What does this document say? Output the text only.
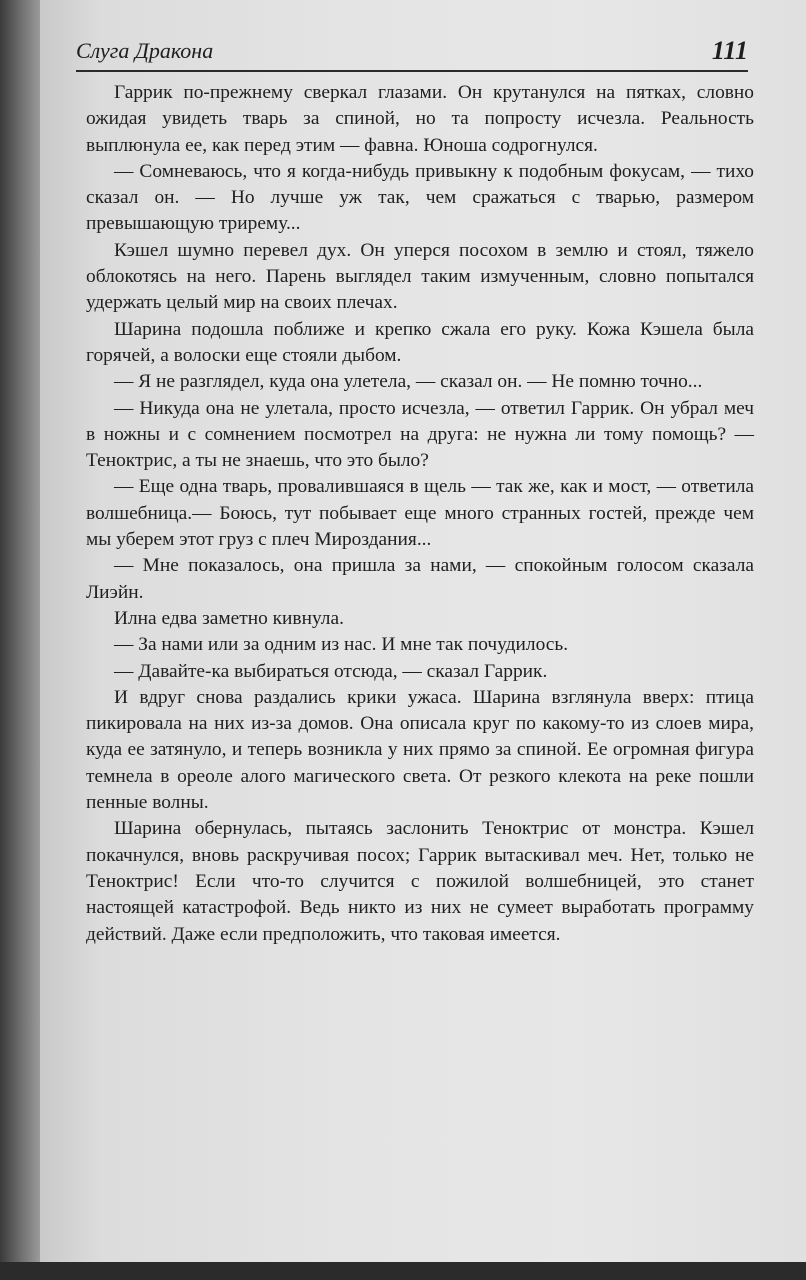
Слуга Дракона	111

Гаррик по-прежнему сверкал глазами. Он крутанулся на пятках, словно ожидая увидеть тварь за спиной, но та попросту исчезла. Реальность выплюнула ее, как перед этим — фавна. Юноша содрогнулся.

— Сомневаюсь, что я когда-нибудь привыкну к подобным фокусам, — тихо сказал он. — Но лучше уж так, чем сражаться с тварью, размером превышающую трирему...

Кэшел шумно перевел дух. Он уперся посохом в землю и стоял, тяжело облокотясь на него. Парень выглядел таким измученным, словно попытался удержать целый мир на своих плечах.

Шарина подошла поближе и крепко сжала его руку. Кожа Кэшела была горячей, а волоски еще стояли дыбом.

— Я не разглядел, куда она улетела, — сказал он. — Не помню точно...

— Никуда она не улетала, просто исчезла, — ответил Гаррик. Он убрал меч в ножны и с сомнением посмотрел на друга: не нужна ли тому помощь? — Теноктрис, а ты не знаешь, что это было?

— Еще одна тварь, провалившаяся в щель — так же, как и мост, — ответила волшебница.— Боюсь, тут побывает еще много странных гостей, прежде чем мы уберем этот груз с плеч Мироздания...

— Мне показалось, она пришла за нами, — спокойным голосом сказала Лиэйн.

Илна едва заметно кивнула.

— За нами или за одним из нас. И мне так почудилось.

— Давайте-ка выбираться отсюда, — сказал Гаррик.

И вдруг снова раздались крики ужаса. Шарина взглянула вверх: птица пикировала на них из-за домов. Она описала круг по какому-то из слоев мира, куда ее затянуло, и теперь возникла у них прямо за спиной. Ее огромная фигура темнела в ореоле алого магического света. От резкого клекота на реке пошли пенные волны.

Шарина обернулась, пытаясь заслонить Теноктрис от монстра. Кэшел покачнулся, вновь раскручивая посох; Гаррик вытаскивал меч. Нет, только не Теноктрис! Если что-то случится с пожилой волшебницей, это станет настоящей катастрофой. Ведь никто из них не сумеет выработать программу действий. Даже если предположить, что таковая имеется.
